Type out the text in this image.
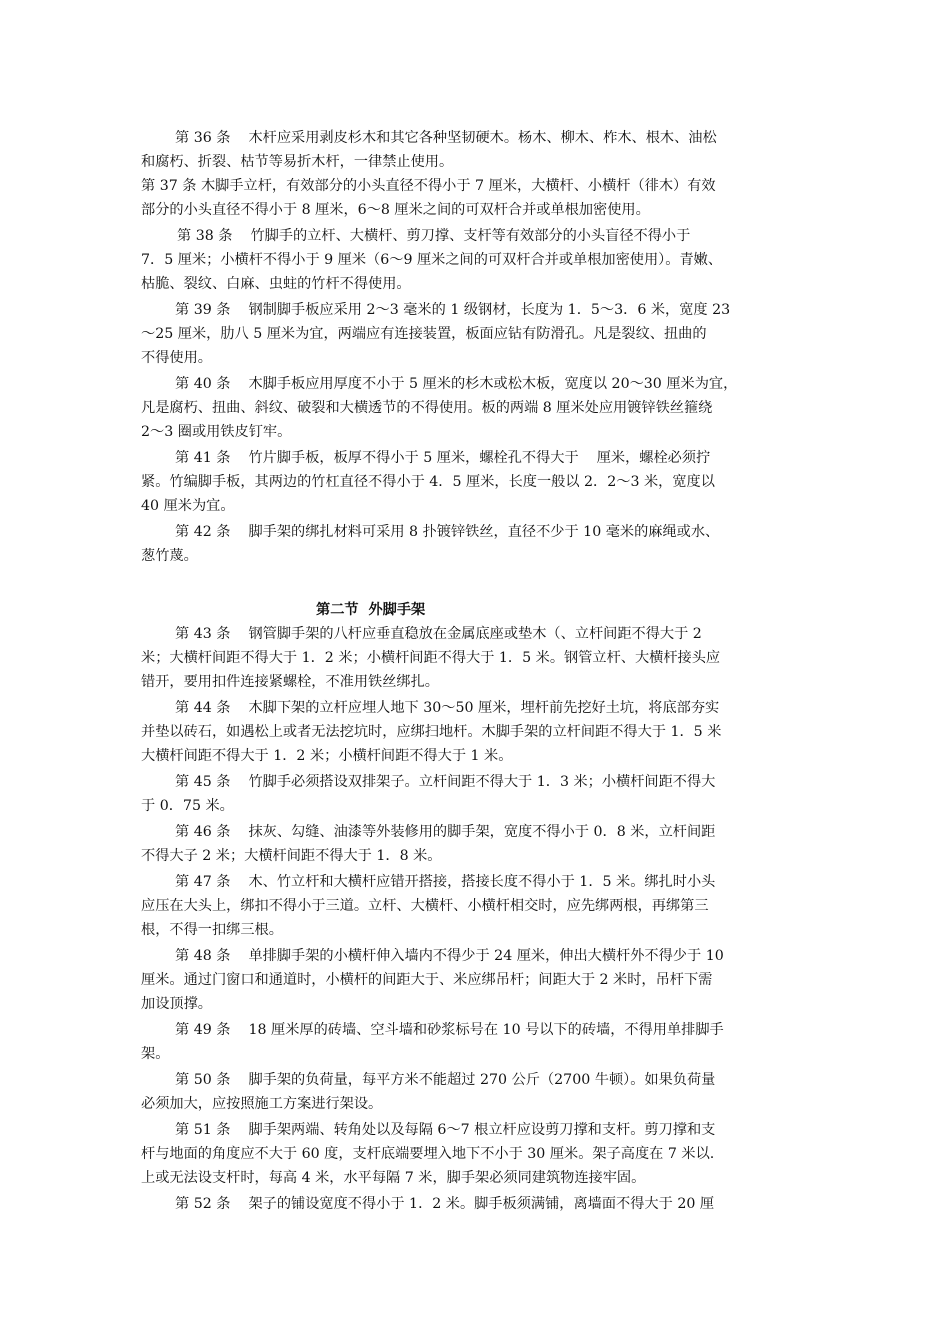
第 36 条    木杆应采用剥皮杉木和其它各种坚韧硬木。杨木、柳木、柞木、根木、油松
和腐朽、折裂、枯节等易折木杆，一律禁止使用。
第 37 条 木脚手立杆，有效部分的小头直径不得小于 7 厘米，大横杆、小横杆（徘木）有效
部分的小头直径不得小于 8 厘米，6～8 厘米之间的可双杆合并或单根加密使用。
第 38 条    竹脚手的立杆、大横杆、剪刀撑、支杆等有效部分的小头盲径不得小于
7．5 厘米；小横杆不得小于 9 厘米（6～9 厘米之间的可双杆合并或单根加密使用）。青嫩、
枯脆、裂纹、白麻、虫蛀的竹杆不得使用。
第 39 条    钢制脚手板应采用 2～3 毫米的 1 级钢材，长度为 1．5～3．6 米，宽度 23
～25 厘米，肋八 5 厘米为宜，两端应有连接装置，板面应钻有防滑孔。凡是裂纹、扭曲的
不得使用。
第 40 条    木脚手板应用厚度不小于 5 厘米的杉木或松木板，宽度以 20～30 厘米为宜，
凡是腐朽、扭曲、斜纹、破裂和大横透节的不得使用。板的两端 8 厘米处应用镀锌铁丝箍绕
2～3 圈或用铁皮钉牢。
第 41 条    竹片脚手板，板厚不得小于 5 厘米，螺栓孔不得大于    厘米，螺栓必须拧
紧。竹编脚手板，其两边的竹杠直径不得小于 4．5 厘米，长度一般以 2．2～3 米，宽度以
40 厘米为宜。
第 42 条    脚手架的绑扎材料可采用 8 扑镀锌铁丝，直径不少于 10 毫米的麻绳或水、
葱竹蔑。
第二节  外脚手架
第 43 条    钢管脚手架的八杆应垂直稳放在金属底座或垫木（、立杆间距不得大于 2
米；大横杆间距不得大于 1．2 米；小横杆间距不得大于 1．5 米。钢管立杆、大横杆接头应
错开，要用扣件连接紧螺栓，不准用铁丝绑扎。
第 44 条    木脚下架的立杆应埋人地下 30～50 厘米，埋杆前先挖好土坑，将底部夯实
并垫以砖石，如遇松上或者无法挖坑时，应绑扫地杆。木脚手架的立杆间距不得大于 1．5 米
大横杆间距不得大于 1．2 米；小横杆间距不得大于 1 米。
第 45 条    竹脚手必须搭设双排架子。立杆间距不得大于 1．3 米；小横杆间距不得大
于 0．75 米。
第 46 条    抹灰、勾缝、油漆等外装修用的脚手架，宽度不得小于 0．8 米，立杆间距
不得大子 2 米；大横杆间距不得大于 1．8 米。
第 47 条    木、竹立杆和大横杆应错开搭接，搭接长度不得小于 1．5 米。绑扎时小头
应压在大头上，绑扣不得小于三道。立杆、大横杆、小横杆相交时，应先绑两根，再绑第三
根，不得一扣绑三根。
第 48 条    单排脚手架的小横杆伸入墙内不得少于 24 厘米，伸出大横杆外不得少于 10
厘米。通过门窗口和通道时，小横杆的间距大于、米应绑吊杆；间距大于 2 米时，吊杆下需
加设顶撑。
第 49 条    18 厘米厚的砖墙、空斗墙和砂浆标号在 10 号以下的砖墙，不得用单排脚手
架。
第 50 条    脚手架的负荷量，每平方米不能超过 270 公斤（2700 牛顿）。如果负荷量
必须加大，应按照施工方案进行架设。
第 51 条    脚手架两端、转角处以及每隔 6～7 根立杆应设剪刀撑和支杆。剪刀撑和支
杆与地面的角度应不大于 60 度，支杆底端要埋入地下不小于 30 厘米。架子高度在 7 米以.
上或无法设支杆时，每高 4 米，水平每隔 7 米，脚手架必须同建筑物连接牢固。
第 52 条    架子的铺设宽度不得小于 1．2 米。脚手板须满铺，离墙面不得大于 20 厘
